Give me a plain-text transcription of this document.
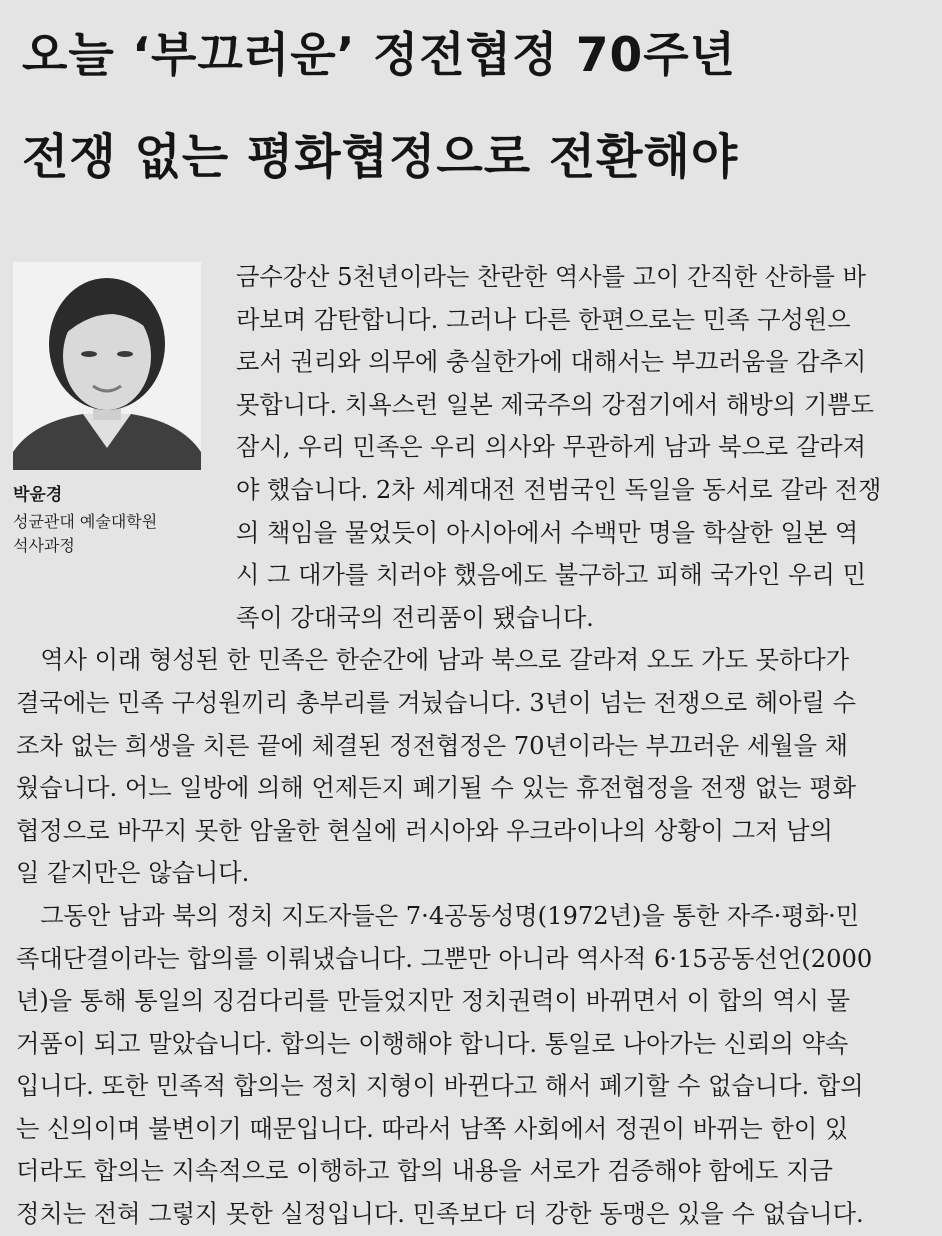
오늘 ‘부끄러운’ 정전협정 70주년
전쟁 없는 평화협정으로 전환해야

박윤경

성균관대 예술대학원

석사과정

금수강산 5천년이라는 찬란한 역사를 고이 간직한 산하를 바
라보며 감탄합니다. 그러나 다른 한편으로는 민족 구성원으
로서 권리와 의무에 충실한가에 대해서는 부끄러움을 감추지
못합니다. 치욕스런 일본 제국주의 강점기에서 해방의 기쁨도
잠시, 우리 민족은 우리 의사와 무관하게 남과 북으로 갈라져
야 했습니다. 2차 세계대전 전범국인 독일을 동서로 갈라 전쟁
의 책임을 물었듯이 아시아에서 수백만 명을 학살한 일본 역
시 그 대가를 치러야 했음에도 불구하고 피해 국가인 우리 민
족이 강대국의 전리품이 됐습니다.

역사 이래 형성된 한 민족은 한순간에 남과 북으로 갈라져 오도 가도 못하다가
결국에는 민족 구성원끼리 총부리를 겨눴습니다. 3년이 넘는 전쟁으로 헤아릴 수
조차 없는 희생을 치른 끝에 체결된 정전협정은 70년이라는 부끄러운 세월을 채
웠습니다. 어느 일방에 의해 언제든지 폐기될 수 있는 휴전협정을 전쟁 없는 평화
협정으로 바꾸지 못한 암울한 현실에 러시아와 우크라이나의 상황이 그저 남의
일 같지만은 않습니다.

그동안 남과 북의 정치 지도자들은 7·4공동성명(1972년)을 통한 자주·평화·민
족대단결이라는 합의를 이뤄냈습니다. 그뿐만 아니라 역사적 6·15공동선언(2000
년)을 통해 통일의 징검다리를 만들었지만 정치권력이 바뀌면서 이 합의 역시 물
거품이 되고 말았습니다. 합의는 이행해야 합니다. 통일로 나아가는 신뢰의 약속
입니다. 또한 민족적 합의는 정치 지형이 바뀐다고 해서 폐기할 수 없습니다. 합의
는 신의이며 불변이기 때문입니다. 따라서 남쪽 사회에서 정권이 바뀌는 한이 있
더라도 합의는 지속적으로 이행하고 합의 내용을 서로가 검증해야 함에도 지금
정치는 전혀 그렇지 못한 실정입니다. 민족보다 더 강한 동맹은 있을 수 없습니다.
